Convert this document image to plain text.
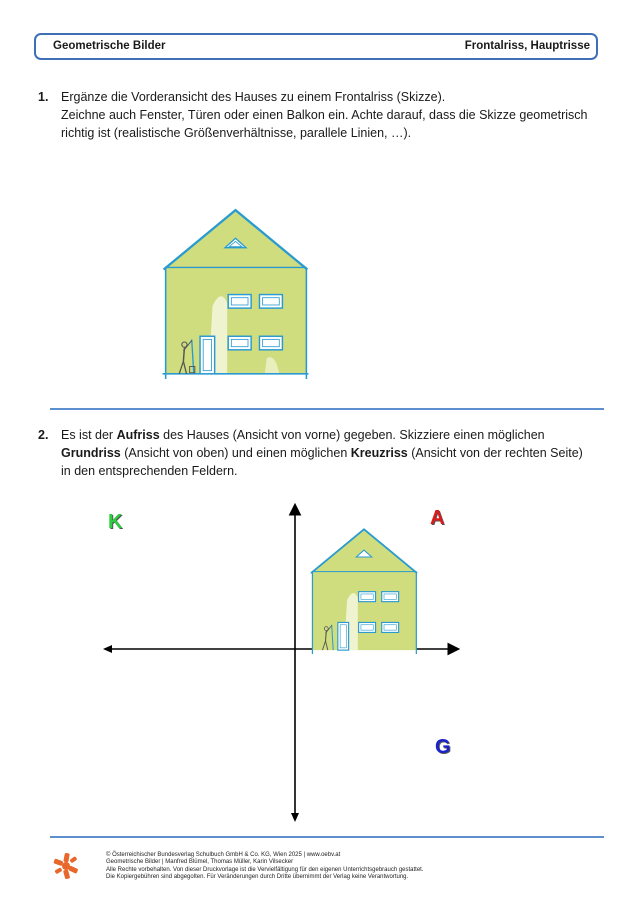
Geometrische Bilder	Frontalriss, Hauptrisse
1. Ergänze die Vorderansicht des Hauses zu einem Frontalriss (Skizze).
Zeichne auch Fenster, Türen oder einen Balkon ein. Achte darauf, dass die Skizze geometrisch
richtig ist (realistische Größenverhältnisse, parallele Linien, …).
2. Es ist der Aufriss des Hauses (Ansicht von vorne) gegeben. Skizziere einen möglichen
Grundriss (Ansicht von oben) und einen möglichen Kreuzriss (Ansicht von der rechten Seite)
in den entsprechenden Feldern.
K	A
G
© Österreichischer Bundesverlag Schulbuch GmbH & Co. KG, Wien 2025 | www.oebv.at
Geometrische Bilder | Manfred Blümel, Thomas Müller, Karin Vilsecker
Alle Rechte vorbehalten. Von dieser Druckvorlage ist die Vervielfältigung für den eigenen Unterrichtsgebrauch gestattet.
Die Kopiergebühren sind abgegolten. Für Veränderungen durch Dritte übernimmt der Verlag keine Verantwortung.
